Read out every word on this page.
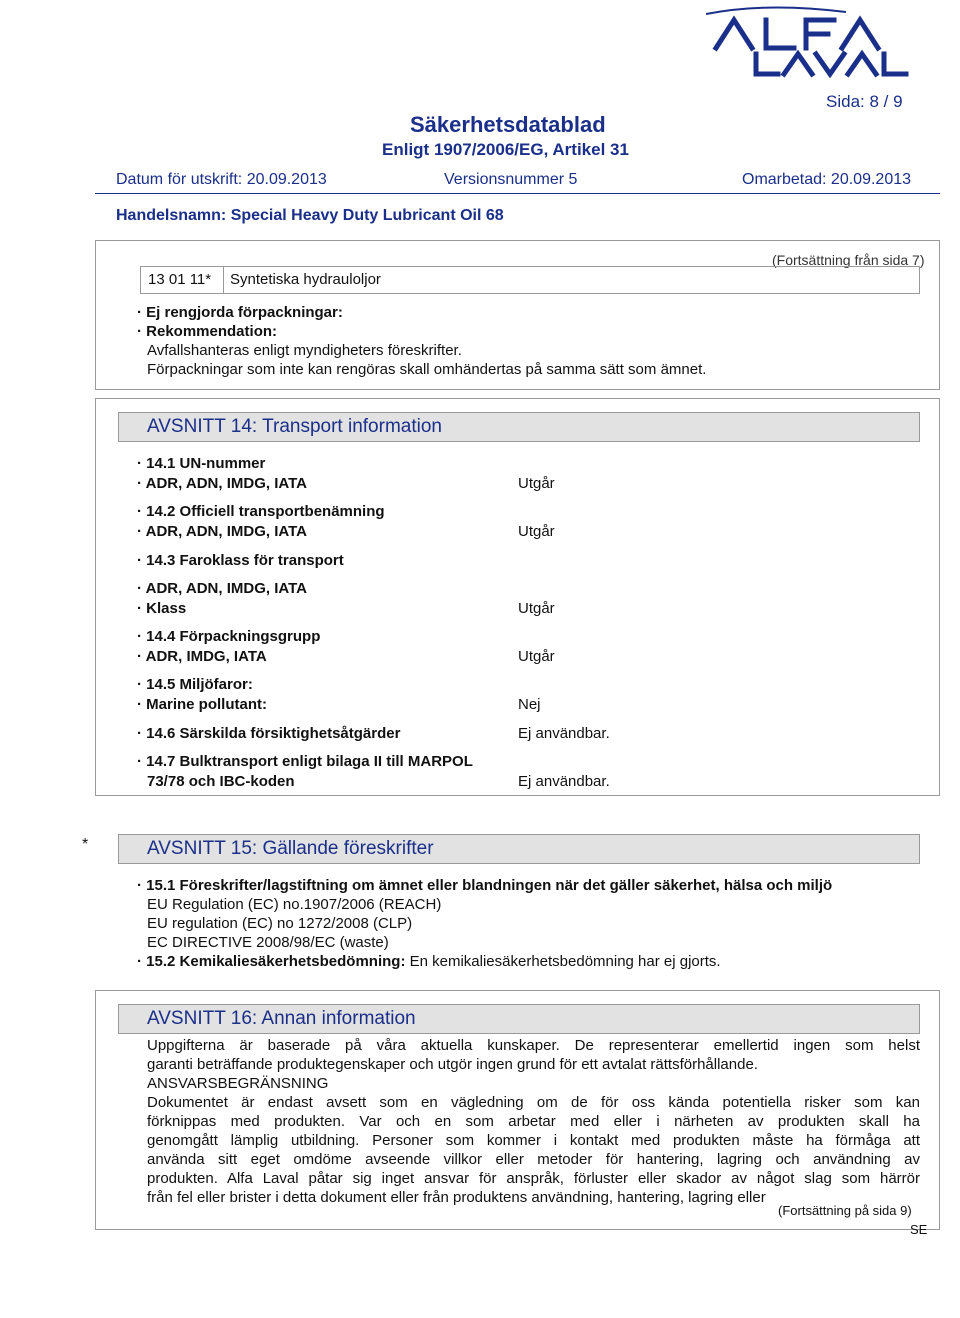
Sida: 8 / 9
Säkerhetsdatablad
Enligt 1907/2006/EG, Artikel 31
Datum för utskrift: 20.09.2013	Versionsnummer 5	Omarbetad: 20.09.2013
Handelsnamn: Special Heavy Duty Lubricant Oil 68
(Fortsättning från sida 7)
13 01 11* Syntetiska hydrauloljor
· Ej rengjorda förpackningar:
· Rekommendation:
Avfallshanteras enligt myndigheters föreskrifter.
Förpackningar som inte kan rengöras skall omhändertas på samma sätt som ämnet.
AVSNITT 14: Transport information
· 14.1 UN-nummer
· ADR, ADN, IMDG, IATA	Utgår
· 14.2 Officiell transportbenämning
· ADR, ADN, IMDG, IATA	Utgår
· 14.3 Faroklass för transport
· ADR, ADN, IMDG, IATA
· Klass	Utgår
· 14.4 Förpackningsgrupp
· ADR, IMDG, IATA	Utgår
· 14.5 Miljöfaror:
· Marine pollutant:	Nej
· 14.6 Särskilda försiktighetsåtgärder	Ej användbar.
· 14.7 Bulktransport enligt bilaga II till MARPOL
73/78 och IBC-koden	Ej användbar.
*	AVSNITT 15: Gällande föreskrifter
· 15.1 Föreskrifter/lagstiftning om ämnet eller blandningen när det gäller säkerhet, hälsa och miljö
EU Regulation (EC) no.1907/2006 (REACH)
EU regulation (EC) no 1272/2008 (CLP)
EC DIRECTIVE 2008/98/EC (waste)
· 15.2 Kemikaliesäkerhetsbedömning: En kemikaliesäkerhetsbedömning har ej gjorts.
AVSNITT 16: Annan information
Uppgifterna är baserade på våra aktuella kunskaper. De representerar emellertid ingen som helst
garanti beträffande produktegenskaper och utgör ingen grund för ett avtalat rättsförhållande.
ANSVARSBEGRÄNSNING
Dokumentet är endast avsett som en vägledning om de för oss kända potentiella risker som kan
förknippas med produkten. Var och en som arbetar med eller i närheten av produkten skall ha
genomgått lämplig utbildning. Personer som kommer i kontakt med produkten måste ha förmåga att
använda sitt eget omdöme avseende villkor eller metoder för hantering, lagring och användning av
produkten. Alfa Laval påtar sig inget ansvar för anspråk, förluster eller skador av något slag som härrör
från fel eller brister i detta dokument eller från produktens användning, hantering, lagring eller
(Fortsättning på sida 9)
SE
